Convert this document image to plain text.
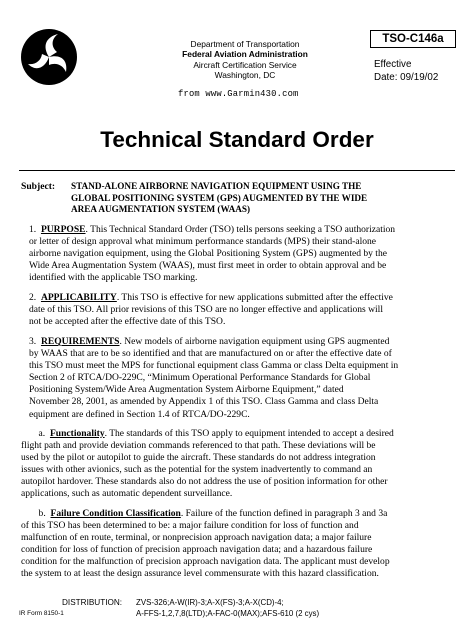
Department of Transportation
Federal Aviation Administration
Aircraft Certification Service
Washington, DC
TSO-C146a
Effective
Date: 09/19/02
from www.Garmin430.com
Technical Standard Order
Subject: STAND-ALONE AIRBORNE NAVIGATION EQUIPMENT USING THE
GLOBAL POSITIONING SYSTEM (GPS) AUGMENTED BY THE WIDE
AREA AUGMENTATION SYSTEM (WAAS)
1. PURPOSE. This Technical Standard Order (TSO) tells persons seeking a TSO authorization
or letter of design approval what minimum performance standards (MPS) their stand-alone
airborne navigation equipment, using the Global Positioning System (GPS) augmented by the
Wide Area Augmentation System (WAAS), must first meet in order to obtain approval and be
identified with the applicable TSO marking.
2. APPLICABILITY. This TSO is effective for new applications submitted after the effective
date of this TSO. All prior revisions of this TSO are no longer effective and applications will
not be accepted after the effective date of this TSO.
3. REQUIREMENTS. New models of airborne navigation equipment using GPS augmented
by WAAS that are to be so identified and that are manufactured on or after the effective date of
this TSO must meet the MPS for functional equipment class Gamma or class Delta equipment in
Section 2 of RTCA/DO-229C, “Minimum Operational Performance Standards for Global
Positioning System/Wide Area Augmentation System Airborne Equipment,” dated
November 28, 2001, as amended by Appendix 1 of this TSO. Class Gamma and class Delta
equipment are defined in Section 1.4 of RTCA/DO-229C.
a. Functionality. The standards of this TSO apply to equipment intended to accept a desired
flight path and provide deviation commands referenced to that path. These deviations will be
used by the pilot or autopilot to guide the aircraft. These standards do not address integration
issues with other avionics, such as the potential for the system inadvertently to command an
autopilot hardover. These standards also do not address the use of position information for other
applications, such as automatic dependent surveillance.
b. Failure Condition Classification. Failure of the function defined in paragraph 3 and 3a
of this TSO has been determined to be: a major failure condition for loss of function and
malfunction of en route, terminal, or nonprecision approach navigation data; a major failure
condition for loss of function of precision approach navigation data; and a hazardous failure
condition for the malfunction of precision approach navigation data. The applicant must develop
the system to at least the design assurance level commensurate with this hazard classification.
DISTRIBUTION: ZVS-326;A-W(IR)-3;A-X(FS)-3;A-X(CD)-4;
A-FFS-1,2,7,8(LTD);A-FAC-0(MAX);AFS-610 (2 cys)
IR Form 8150-1
